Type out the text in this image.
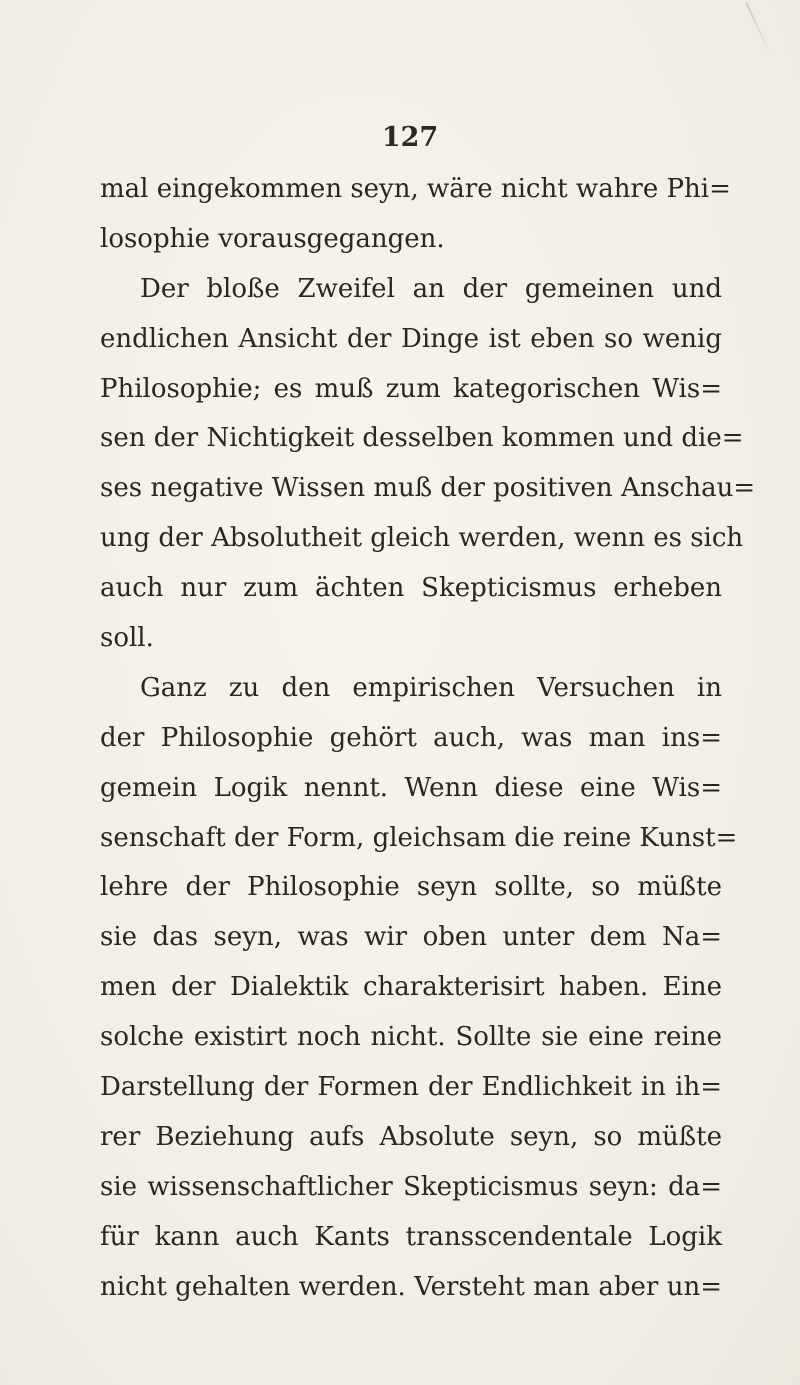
127
mal eingekommen seyn, wäre nicht wahre Phi=
losophie vorausgegangen.
Der bloße Zweifel an der gemeinen und
endlichen Ansicht der Dinge ist eben so wenig
Philosophie; es muß zum kategorischen Wis=
sen der Nichtigkeit desselben kommen und die=
ses negative Wissen muß der positiven Anschau=
ung der Absolutheit gleich werden, wenn es sich
auch nur zum ächten Skepticismus erheben
soll.
Ganz zu den empirischen Versuchen in
der Philosophie gehört auch, was man ins=
gemein Logik nennt. Wenn diese eine Wis=
senschaft der Form, gleichsam die reine Kunst=
lehre der Philosophie seyn sollte, so müßte
sie das seyn, was wir oben unter dem Na=
men der Dialektik charakterisirt haben. Eine
solche existirt noch nicht. Sollte sie eine reine
Darstellung der Formen der Endlichkeit in ih=
rer Beziehung aufs Absolute seyn, so müßte
sie wissenschaftlicher Skepticismus seyn: da=
für kann auch Kants transscendentale Logik
nicht gehalten werden. Versteht man aber un=
